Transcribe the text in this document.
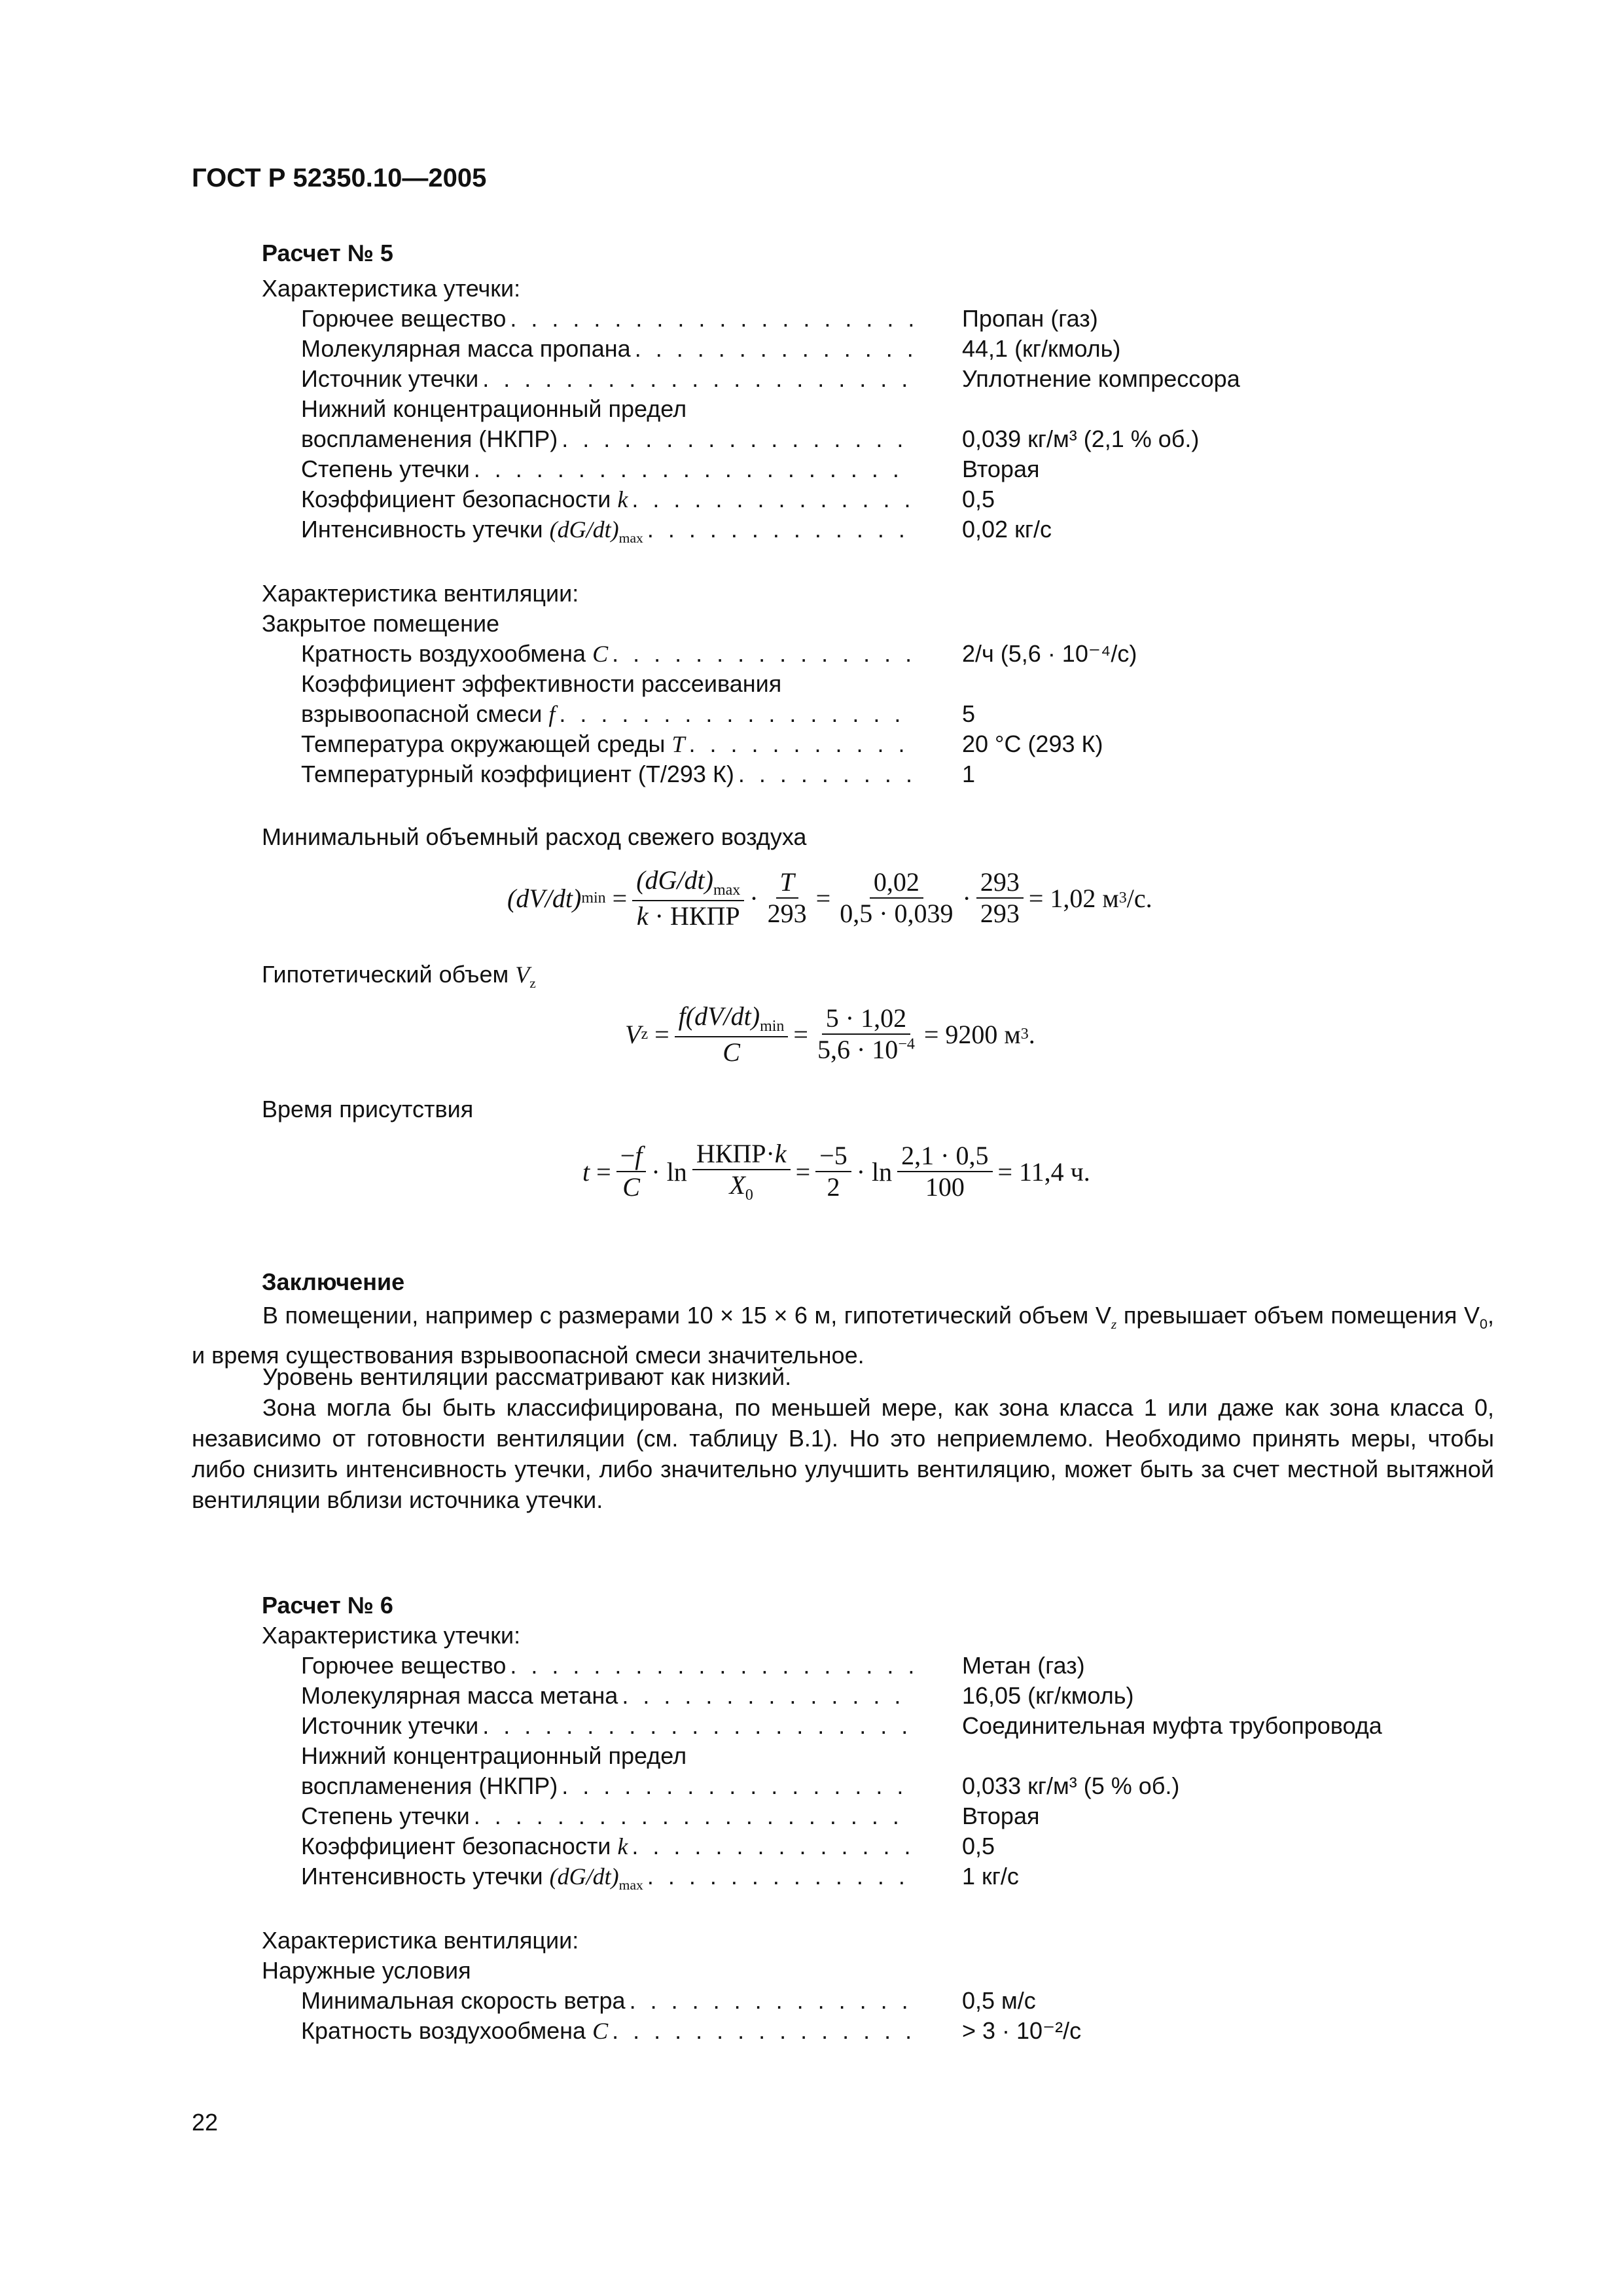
ГОСТ Р 52350.10—2005
Расчет № 5
Характеристика утечки:
Горючее вещество . . .	Пропан (газ)
Молекулярная масса пропана . . .	44,1 (кг/кмоль)
Источник утечки . . .	Уплотнение компрессора
Нижний концентрационный предел
воспламенения (НКПР) . . .	0,039 кг/м³ (2,1 % об.)
Степень утечки . . .	Вторая
Коэффициент безопасности k . . .	0,5
Интенсивность утечки $(dG/dt)_{max}$ . . .	0,02 кг/с
Характеристика вентиляции:
Закрытое помещение
Кратность воздухообмена C . . .	2/ч (5,6 · 10⁻⁴/с)
Коэффициент эффективности рассеивания
взрывоопасной смеси f . . .	5
Температура окружающей среды T . . .	20 °C (293 К)
Температурный коэффициент (Т/293 К) . . .	1
Минимальный объемный расход свежего воздуха
(dV/dt) $\min = \frac{(dG/dt)_{max}}{\text{k · НКПР}} \cdot \frac{T}{293} = \frac{0,02}{0,5 \cdot 0,039} \cdot \frac{293}{293} = 1,02$ м 3 /с.
Гипотетический объем $V_z$
V $z = \frac{f(dV/dt)_{min}}{C} = \frac{5 \cdot 1,02}{5,6 \cdot 10^{-4}} = 9200$ м 3 .
Время присутствия
$t = \frac{-f}{C} \cdot \ln \frac{\text{НКПР·k}}{X_0} = \frac{-5}{2} \cdot \ln \frac{2,1 \cdot 0,5}{100} = 11,4$ ч.
Заключение
В помещении, например с размерами 10 × 15 × 6 м, гипотетический объем $V_z$ превышает объем помещения $V_0$, и время существования взрывоопасной смеси значительное.
Уровень вентиляции рассматривают как низкий.
Зона могла бы быть классифицирована, по меньшей мере, как зона класса 1 или даже как зона класса 0, независимо от готовности вентиляции (см. таблицу В.1). Но это неприемлемо. Необходимо принять меры, чтобы либо снизить интенсивность утечки, либо значительно улучшить вентиляцию, может быть за счет местной вытяжной вентиляции вблизи источника утечки.
Расчет № 6
Характеристика утечки:
Горючее вещество . . .	Метан (газ)
Молекулярная масса метана . . .	16,05 (кг/кмоль)
Источник утечки . . .	Соединительная муфта трубопровода
Нижний концентрационный предел
воспламенения (НКПР) . . .	0,033 кг/м³ (5 % об.)
Степень утечки . . .	Вторая
Коэффициент безопасности k . . .	0,5
Интенсивность утечки $(dG/dt)_{max}$ . . .	1 кг/с
Характеристика вентиляции:
Наружные условия
Минимальная скорость ветра . . .	0,5 м/с
Кратность воздухообмена C . . .	> 3 · 10⁻²/с
22
